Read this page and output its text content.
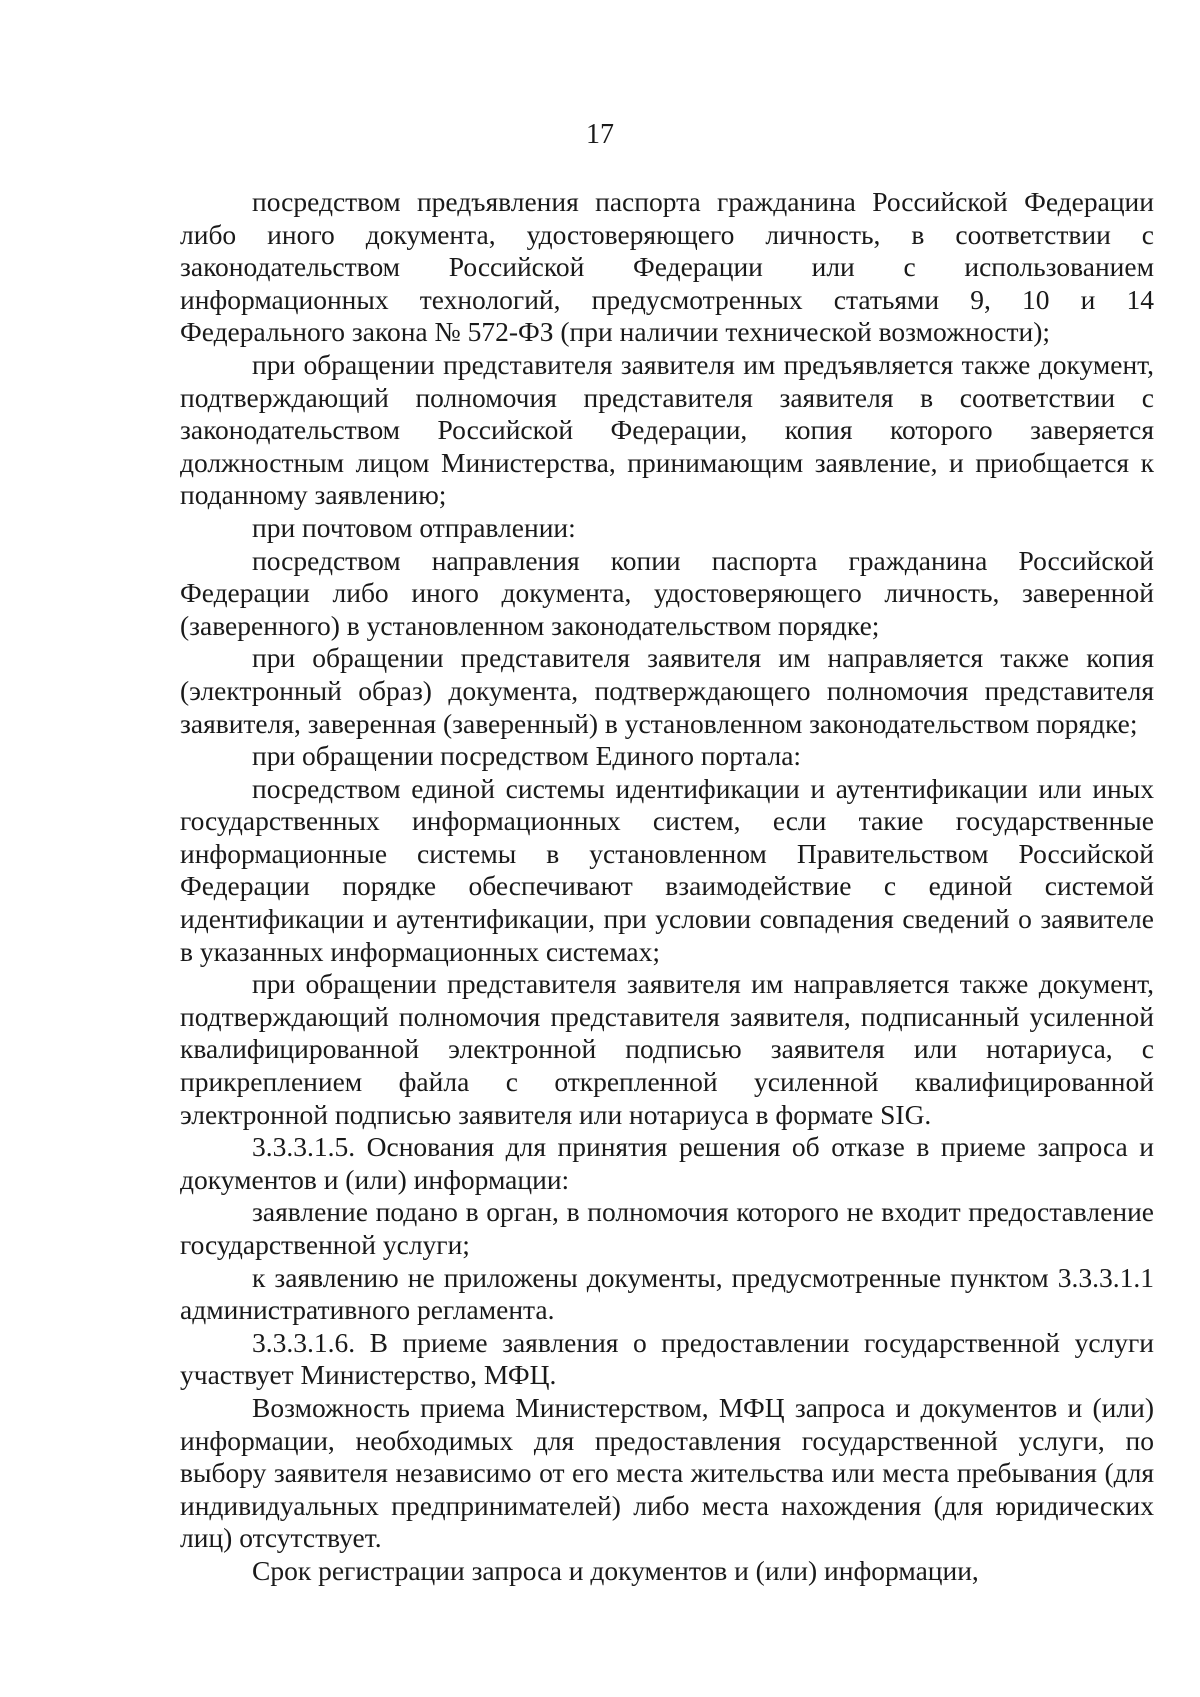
17

посредством предъявления паспорта гражданина Российской Федерации либо иного документа, удостоверяющего личность, в соответствии с законодательством Российской Федерации или с использованием информационных технологий, предусмотренных статьями 9, 10 и 14 Федерального закона № 572-ФЗ (при наличии технической возможности);

при обращении представителя заявителя им предъявляется также документ, подтверждающий полномочия представителя заявителя в соответствии с законодательством Российской Федерации, копия которого заверяется должностным лицом Министерства, принимающим заявление, и приобщается к поданному заявлению;

при почтовом отправлении:

посредством направления копии паспорта гражданина Российской Федерации либо иного документа, удостоверяющего личность, заверенной (заверенного) в установленном законодательством порядке;

при обращении представителя заявителя им направляется также копия (электронный образ) документа, подтверждающего полномочия представителя заявителя, заверенная (заверенный) в установленном законодательством порядке;

при обращении посредством Единого портала:

посредством единой системы идентификации и аутентификации или иных государственных информационных систем, если такие государственные информационные системы в установленном Правительством Российской Федерации порядке обеспечивают взаимодействие с единой системой идентификации и аутентификации, при условии совпадения сведений о заявителе в указанных информационных системах;

при обращении представителя заявителя им направляется также документ, подтверждающий полномочия представителя заявителя, подписанный усиленной квалифицированной электронной подписью заявителя или нотариуса, с прикреплением файла с открепленной усиленной квалифицированной электронной подписью заявителя или нотариуса в формате SIG.

3.3.3.1.5. Основания для принятия решения об отказе в приеме запроса и документов и (или) информации:

заявление подано в орган, в полномочия которого не входит предоставление государственной услуги;

к заявлению не приложены документы, предусмотренные пунктом 3.3.3.1.1 административного регламента.

3.3.3.1.6. В приеме заявления о предоставлении государственной услуги участвует Министерство, МФЦ.

Возможность приема Министерством, МФЦ запроса и документов и (или) информации, необходимых для предоставления государственной услуги, по выбору заявителя независимо от его места жительства или места пребывания (для индивидуальных предпринимателей) либо места нахождения (для юридических лиц) отсутствует.

Срок регистрации запроса и документов и (или) информации,
